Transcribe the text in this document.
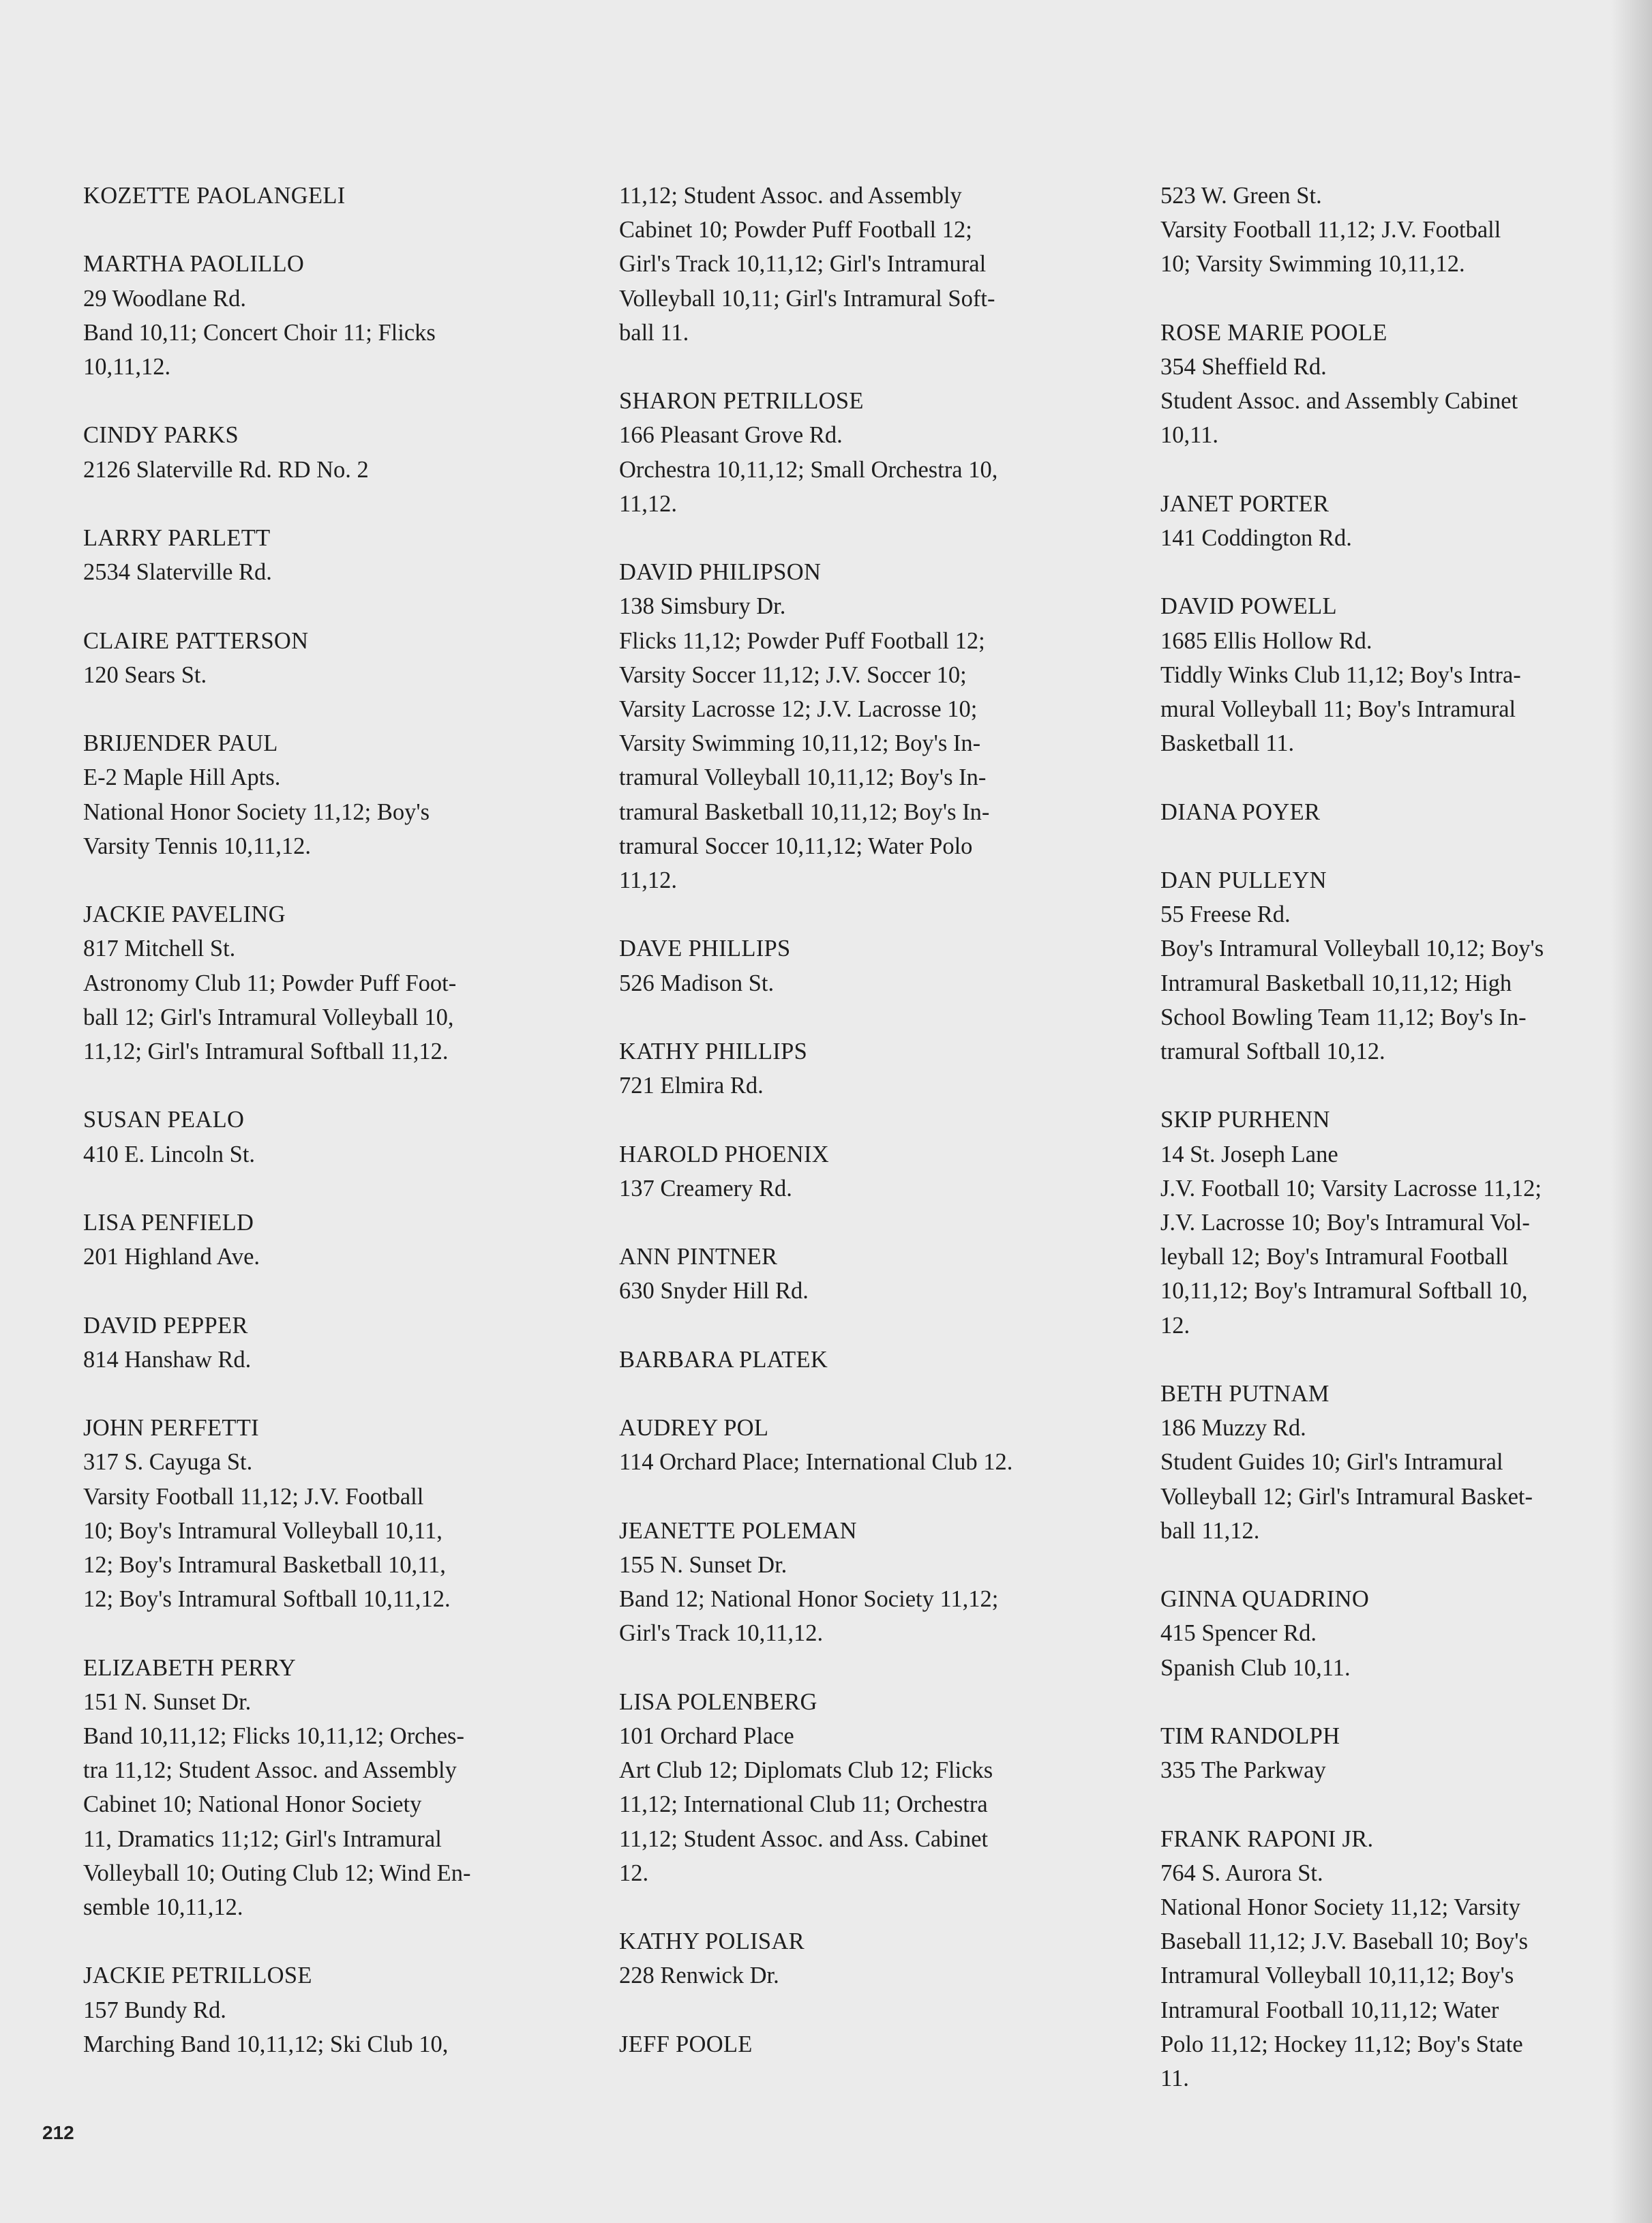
KOZETTE PAOLANGELI
MARTHA PAOLILLO
29 Woodlane Rd.
Band 10,11; Concert Choir 11; Flicks
10,11,12.
CINDY PARKS
2126 Slaterville Rd. RD No. 2
LARRY PARLETT
2534 Slaterville Rd.
CLAIRE PATTERSON
120 Sears St.
BRIJENDER PAUL
E-2 Maple Hill Apts.
National Honor Society 11,12; Boy's
Varsity Tennis 10,11,12.
JACKIE PAVELING
817 Mitchell St.
Astronomy Club 11; Powder Puff Foot-
ball 12; Girl's Intramural Volleyball 10,
11,12; Girl's Intramural Softball 11,12.
SUSAN PEALO
410 E. Lincoln St.
LISA PENFIELD
201 Highland Ave.
DAVID PEPPER
814 Hanshaw Rd.
JOHN PERFETTI
317 S. Cayuga St.
Varsity Football 11,12; J.V. Football
10; Boy's Intramural Volleyball 10,11,
12; Boy's Intramural Basketball 10,11,
12; Boy's Intramural Softball 10,11,12.
ELIZABETH PERRY
151 N. Sunset Dr.
Band 10,11,12; Flicks 10,11,12; Orches-
tra 11,12; Student Assoc. and Assembly
Cabinet 10; National Honor Society
11, Dramatics 11;12; Girl's Intramural
Volleyball 10; Outing Club 12; Wind En-
semble 10,11,12.
JACKIE PETRILLOSE
157 Bundy Rd.
Marching Band 10,11,12; Ski Club 10,
11,12; Student Assoc. and Assembly
Cabinet 10; Powder Puff Football 12;
Girl's Track 10,11,12; Girl's Intramural
Volleyball 10,11; Girl's Intramural Soft-
ball 11.
SHARON PETRILLOSE
166 Pleasant Grove Rd.
Orchestra 10,11,12; Small Orchestra 10,
11,12.
DAVID PHILIPSON
138 Simsbury Dr.
Flicks 11,12; Powder Puff Football 12;
Varsity Soccer 11,12; J.V. Soccer 10;
Varsity Lacrosse 12; J.V. Lacrosse 10;
Varsity Swimming 10,11,12; Boy's In-
tramural Volleyball 10,11,12; Boy's In-
tramural Basketball 10,11,12; Boy's In-
tramural Soccer 10,11,12; Water Polo
11,12.
DAVE PHILLIPS
526 Madison St.
KATHY PHILLIPS
721 Elmira Rd.
HAROLD PHOENIX
137 Creamery Rd.
ANN PINTNER
630 Snyder Hill Rd.
BARBARA PLATEK
AUDREY POL
114 Orchard Place; International Club 12.
JEANETTE POLEMAN
155 N. Sunset Dr.
Band 12; National Honor Society 11,12;
Girl's Track 10,11,12.
LISA POLENBERG
101 Orchard Place
Art Club 12; Diplomats Club 12; Flicks
11,12; International Club 11; Orchestra
11,12; Student Assoc. and Ass. Cabinet
12.
KATHY POLISAR
228 Renwick Dr.
JEFF POOLE
523 W. Green St.
Varsity Football 11,12; J.V. Football
10; Varsity Swimming 10,11,12.
ROSE MARIE POOLE
354 Sheffield Rd.
Student Assoc. and Assembly Cabinet
10,11.
JANET PORTER
141 Coddington Rd.
DAVID POWELL
1685 Ellis Hollow Rd.
Tiddly Winks Club 11,12; Boy's Intra-
mural Volleyball 11; Boy's Intramural
Basketball 11.
DIANA POYER
DAN PULLEYN
55 Freese Rd.
Boy's Intramural Volleyball 10,12; Boy's
Intramural Basketball 10,11,12; High
School Bowling Team 11,12; Boy's In-
tramural Softball 10,12.
SKIP PURHENN
14 St. Joseph Lane
J.V. Football 10; Varsity Lacrosse 11,12;
J.V. Lacrosse 10; Boy's Intramural Vol-
leyball 12; Boy's Intramural Football
10,11,12; Boy's Intramural Softball 10,
12.
BETH PUTNAM
186 Muzzy Rd.
Student Guides 10; Girl's Intramural
Volleyball 12; Girl's Intramural Basket-
ball 11,12.
GINNA QUADRINO
415 Spencer Rd.
Spanish Club 10,11.
TIM RANDOLPH
335 The Parkway
FRANK RAPONI JR.
764 S. Aurora St.
National Honor Society 11,12; Varsity
Baseball 11,12; J.V. Baseball 10; Boy's
Intramural Volleyball 10,11,12; Boy's
Intramural Football 10,11,12; Water
Polo 11,12; Hockey 11,12; Boy's State
11.
212
